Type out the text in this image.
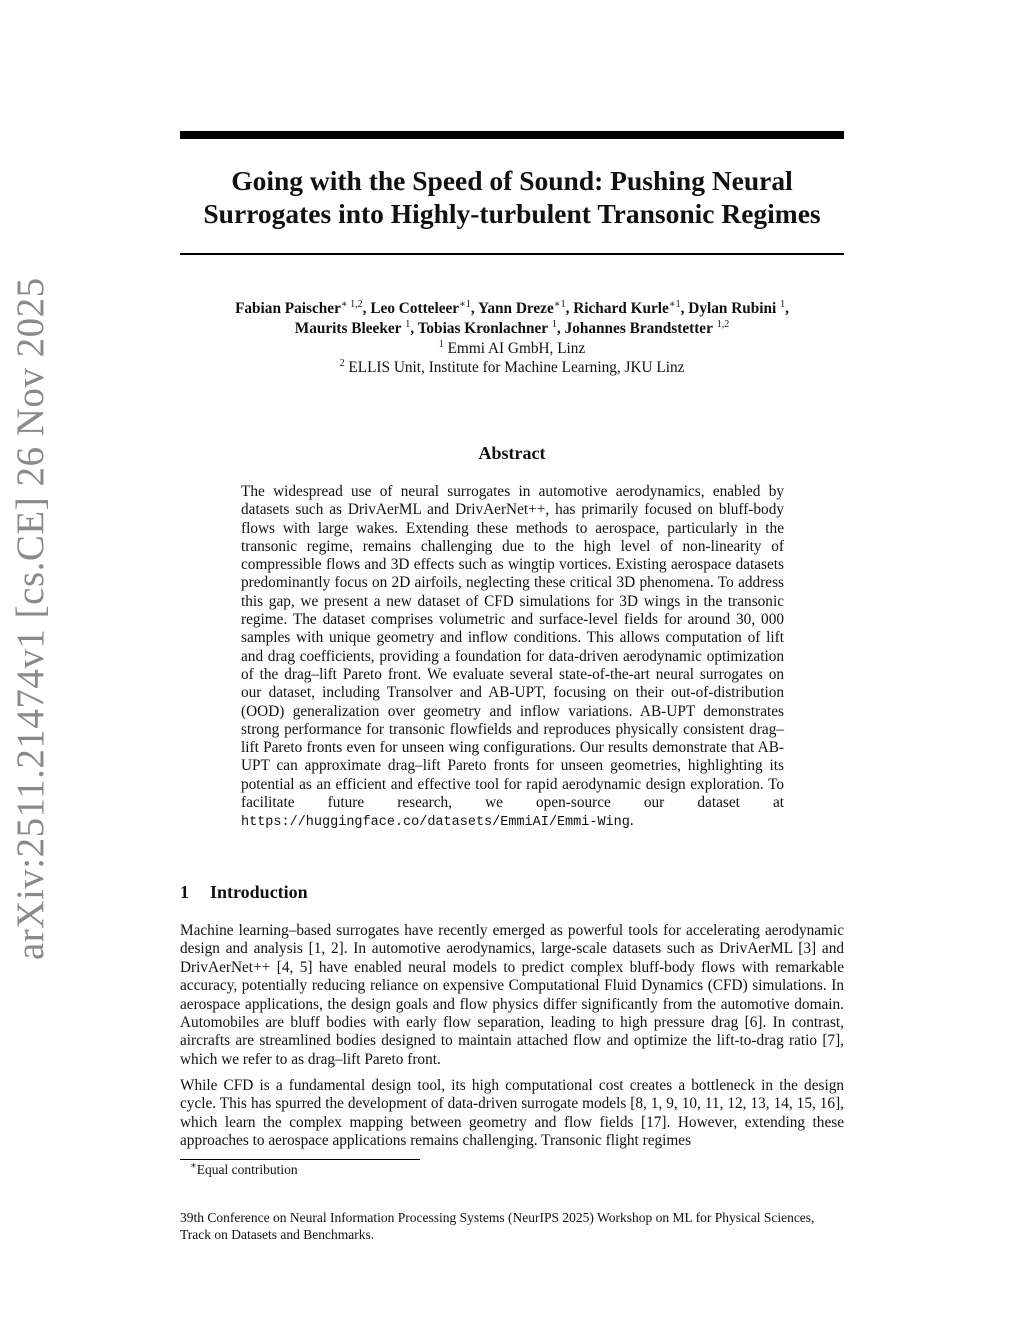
arXiv:2511.21474v1 [cs.CE] 26 Nov 2025
Going with the Speed of Sound: Pushing Neural
Surrogates into Highly-turbulent Transonic Regimes
Fabian Paischer$^{∗ 1,2}$, Leo Cotteleer$^{∗1}$, Yann Dreze$^{∗1}$, Richard Kurle$^{∗1}$, Dylan Rubini $^1$,
Maurits Bleeker $^1$, Tobias Kronlachner $^1$, Johannes Brandstetter $^{1,2}$
$^1$ Emmi AI GmbH, Linz
$^2$ ELLIS Unit, Institute for Machine Learning, JKU Linz
Abstract
The widespread use of neural surrogates in automotive aerodynamics, enabled by datasets such as DrivAerML and DrivAerNet++, has primarily focused on bluff-body flows with large wakes. Extending these methods to aerospace, particularly in the transonic regime, remains challenging due to the high level of non-linearity of compressible flows and 3D effects such as wingtip vortices. Existing aerospace datasets predominantly focus on 2D airfoils, neglecting these critical 3D phenomena. To address this gap, we present a new dataset of CFD simulations for 3D wings in the transonic regime. The dataset comprises volumetric and surface-level fields for around 30, 000 samples with unique geometry and inflow conditions. This allows computation of lift and drag coefficients, providing a foundation for data-driven aerodynamic optimization of the drag–lift Pareto front. We evaluate several state-of-the-art neural surrogates on our dataset, including Transolver and AB-UPT, focusing on their out-of-distribution (OOD) generalization over geometry and inflow variations. AB-UPT demonstrates strong performance for transonic flowfields and reproduces physically consistent drag–lift Pareto fronts even for unseen wing configurations. Our results demonstrate that AB-UPT can approximate drag–lift Pareto fronts for unseen geometries, highlighting its potential as an efficient and effective tool for rapid aerodynamic design exploration. To facilitate future research, we open-source our dataset at https://huggingface.co/datasets/EmmiAI/Emmi-Wing.
1 Introduction
Machine learning–based surrogates have recently emerged as powerful tools for accelerating aerodynamic design and analysis [1, 2]. In automotive aerodynamics, large-scale datasets such as DrivAerML [3] and DrivAerNet++ [4, 5] have enabled neural models to predict complex bluff-body flows with remarkable accuracy, potentially reducing reliance on expensive Computational Fluid Dynamics (CFD) simulations. In aerospace applications, the design goals and flow physics differ significantly from the automotive domain. Automobiles are bluff bodies with early flow separation, leading to high pressure drag [6]. In contrast, aircrafts are streamlined bodies designed to maintain attached flow and optimize the lift-to-drag ratio [7], which we refer to as drag–lift Pareto front.
While CFD is a fundamental design tool, its high computational cost creates a bottleneck in the design cycle. This has spurred the development of data-driven surrogate models [8, 1, 9, 10, 11, 12, 13, 14, 15, 16], which learn the complex mapping between geometry and flow fields [17]. However, extending these approaches to aerospace applications remains challenging. Transonic flight regimes
∗Equal contribution
39th Conference on Neural Information Processing Systems (NeurIPS 2025) Workshop on ML for Physical Sciences, Track on Datasets and Benchmarks.
